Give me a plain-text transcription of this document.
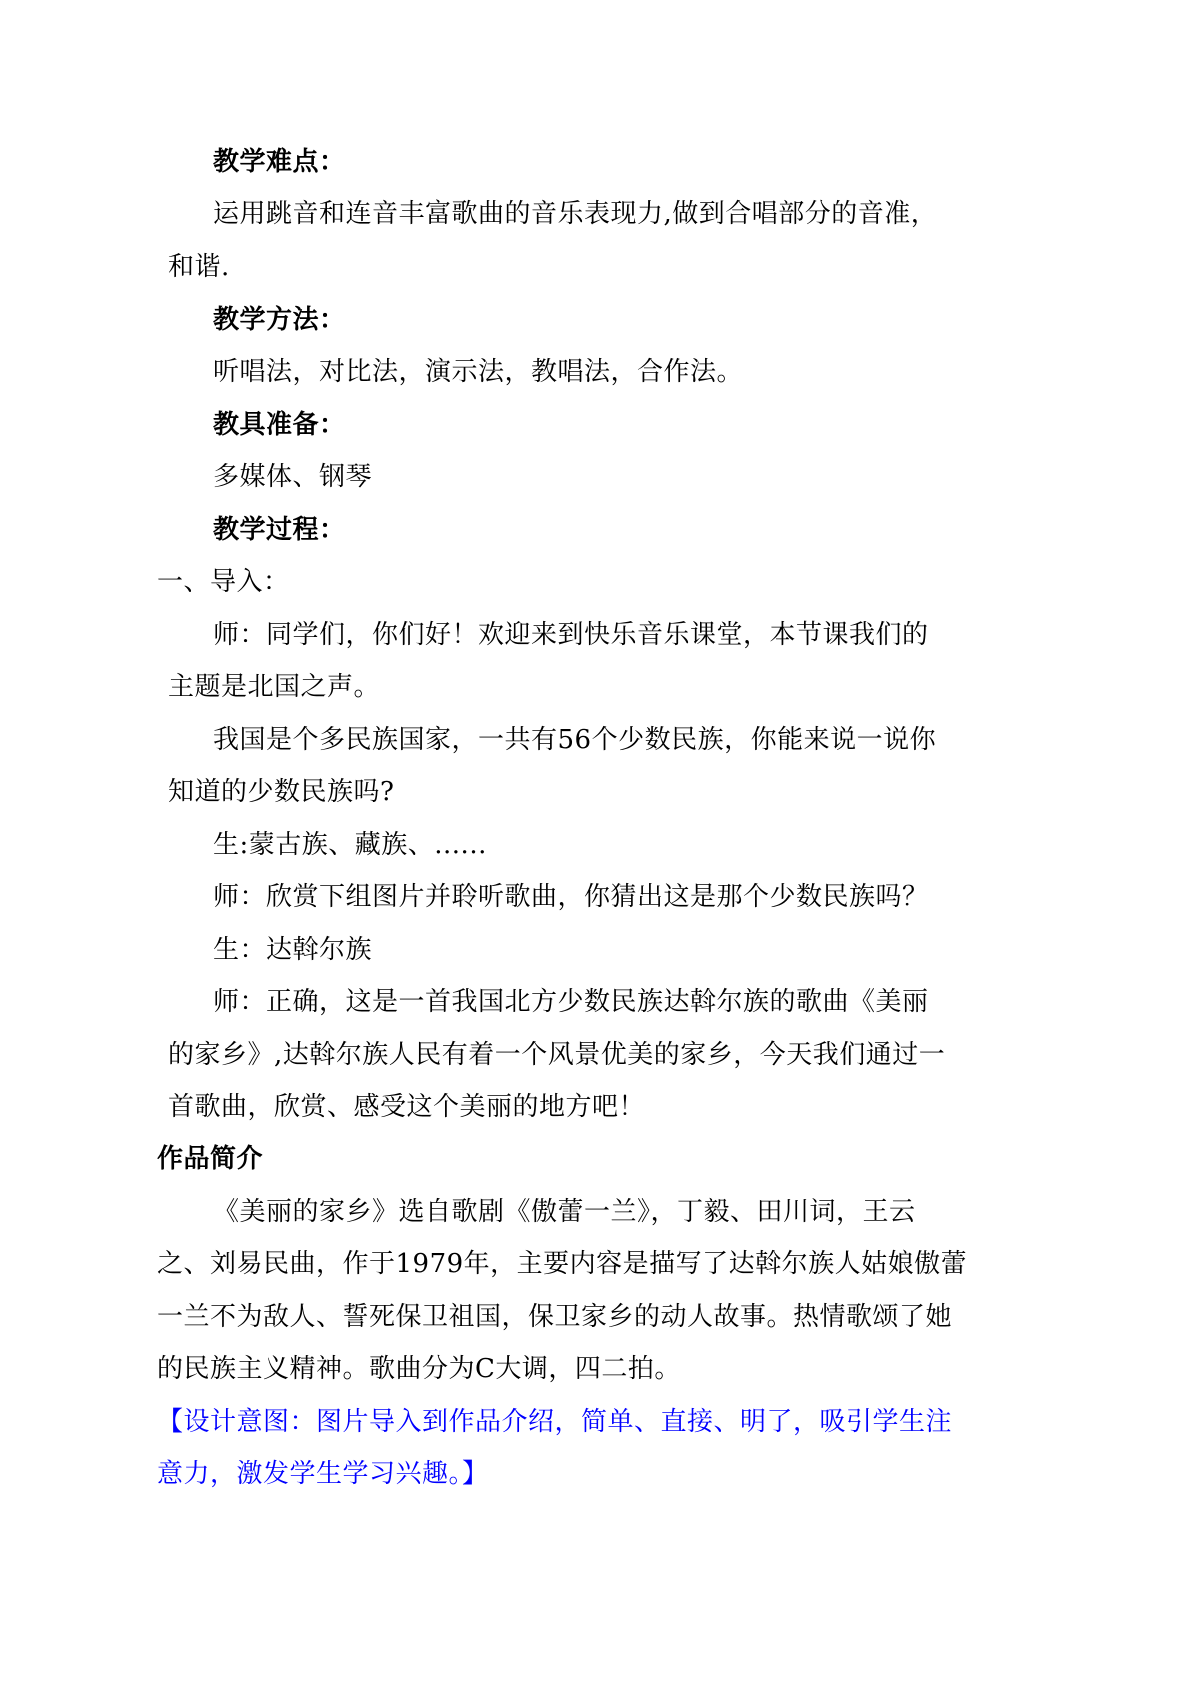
教学难点：
运用跳音和连音丰富歌曲的音乐表现力,做到合唱部分的音准，
和谐.
教学方法：
听唱法，对比法，演示法，教唱法，合作法。
教具准备：
多媒体、钢琴
教学过程：
一、导入：
师：同学们，你们好！欢迎来到快乐音乐课堂，本节课我们的
主题是北国之声。
我国是个多民族国家，一共有56个少数民族，你能来说一说你
知道的少数民族吗?
生:蒙古族、藏族、......
师：欣赏下组图片并聆听歌曲，你猜出这是那个少数民族吗？
生：达斡尔族
师：正确，这是一首我国北方少数民族达斡尔族的歌曲《美丽
的家乡》,达斡尔族人民有着一个风景优美的家乡，今天我们通过一
首歌曲，欣赏、感受这个美丽的地方吧！
作品简介
《美丽的家乡》选自歌剧《傲蕾一兰》，丁毅、田川词，王云
之、刘易民曲，作于1979年，主要内容是描写了达斡尔族人姑娘傲蕾
一兰不为敌人、誓死保卫祖国，保卫家乡的动人故事。热情歌颂了她
的民族主义精神。歌曲分为C大调，四二拍。
【设计意图：图片导入到作品介绍，简单、直接、明了，吸引学生注
意力，激发学生学习兴趣。】
